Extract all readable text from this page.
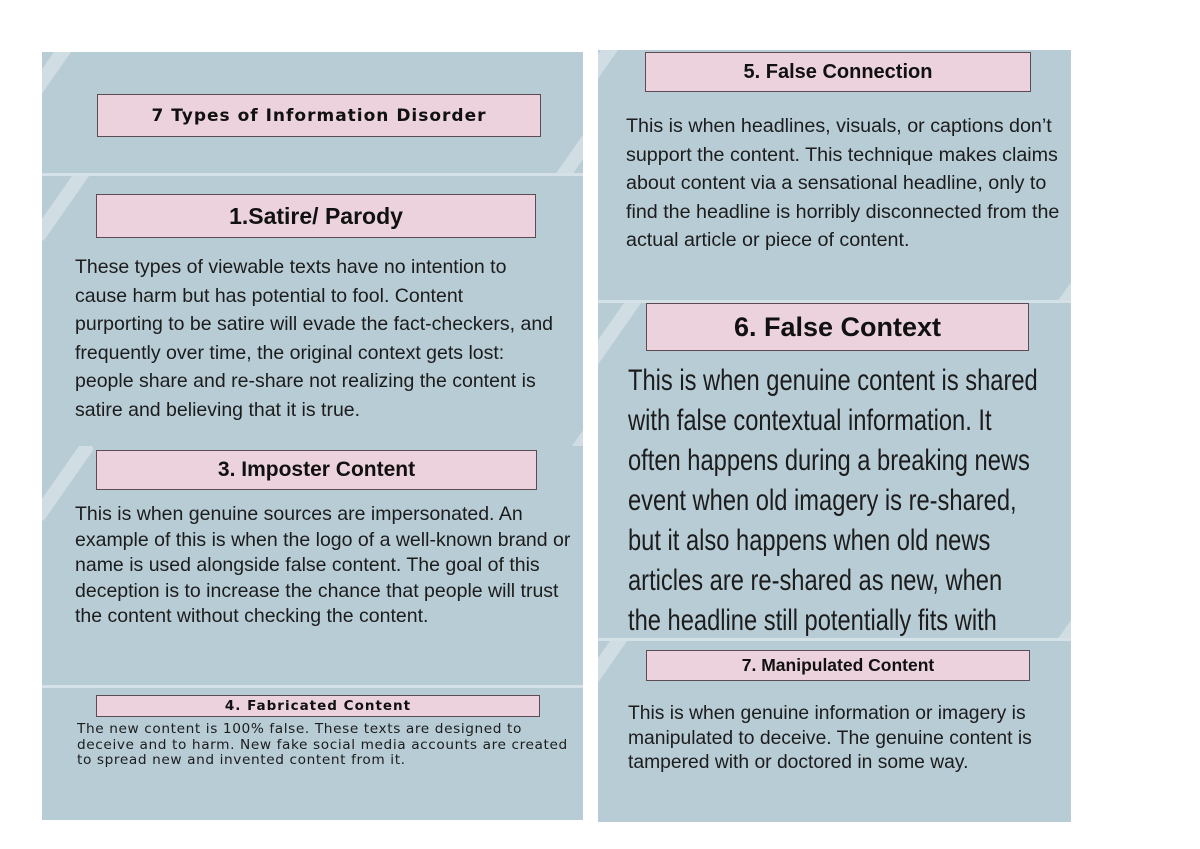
7 Types of Information Disorder
1.Satire/ Parody

These types of viewable texts have no intention to cause harm but has potential to fool. Content purporting to be satire will evade the fact-checkers, and frequently over time, the original context gets lost: people share and re-share not realizing the content is satire and believing that it is true.

3. Imposter Content

This is when genuine sources are impersonated. An example of this is when the logo of a well-known brand or name is used alongside false content. The goal of this deception is to increase the chance that people will trust the content without checking the content.

4. Fabricated Content

The new content is 100% false. These texts are designed to deceive and to harm. New fake social media accounts are created to spread new and invented content from it.

5. False Connection

This is when headlines, visuals, or captions don’t support the content. This technique makes claims about content via a sensational headline, only to find the headline is horribly disconnected from the actual article or piece of content.

6. False Context

This is when genuine content is shared with false contextual information. It often happens during a breaking news event when old imagery is re-shared, but it also happens when old news articles are re-shared as new, when the headline still potentially fits with

7. Manipulated Content

This is when genuine information or imagery is manipulated to deceive. The genuine content is tampered with or doctored in some way.
